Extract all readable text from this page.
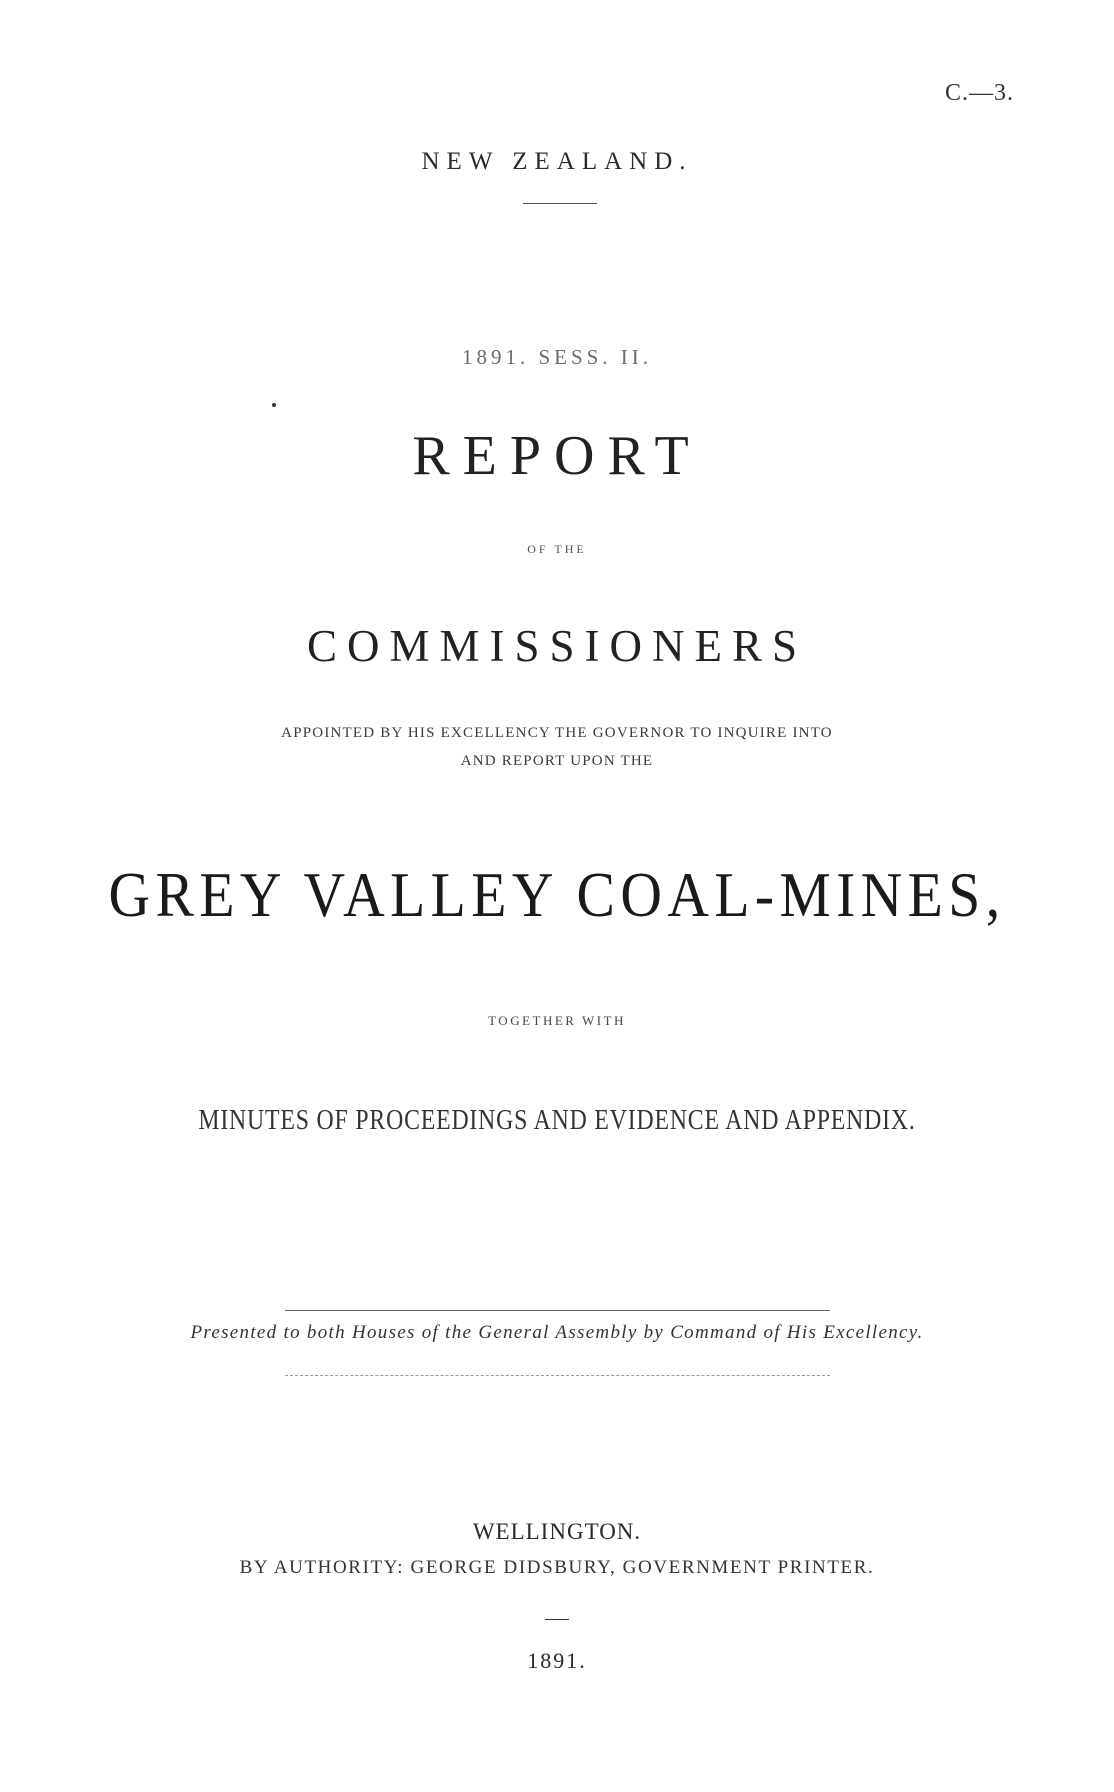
C.—3.
NEW ZEALAND.
1891. SESS. II.
REPORT
OF THE
COMMISSIONERS
APPOINTED BY HIS EXCELLENCY THE GOVERNOR TO INQUIRE INTO
AND REPORT UPON THE
GREY VALLEY COAL-MINES,
TOGETHER WITH
MINUTES OF PROCEEDINGS AND EVIDENCE AND APPENDIX.
Presented to both Houses of the General Assembly by Command of His Excellency.
WELLINGTON.
BY AUTHORITY: GEORGE DIDSBURY, GOVERNMENT PRINTER.
1891.
